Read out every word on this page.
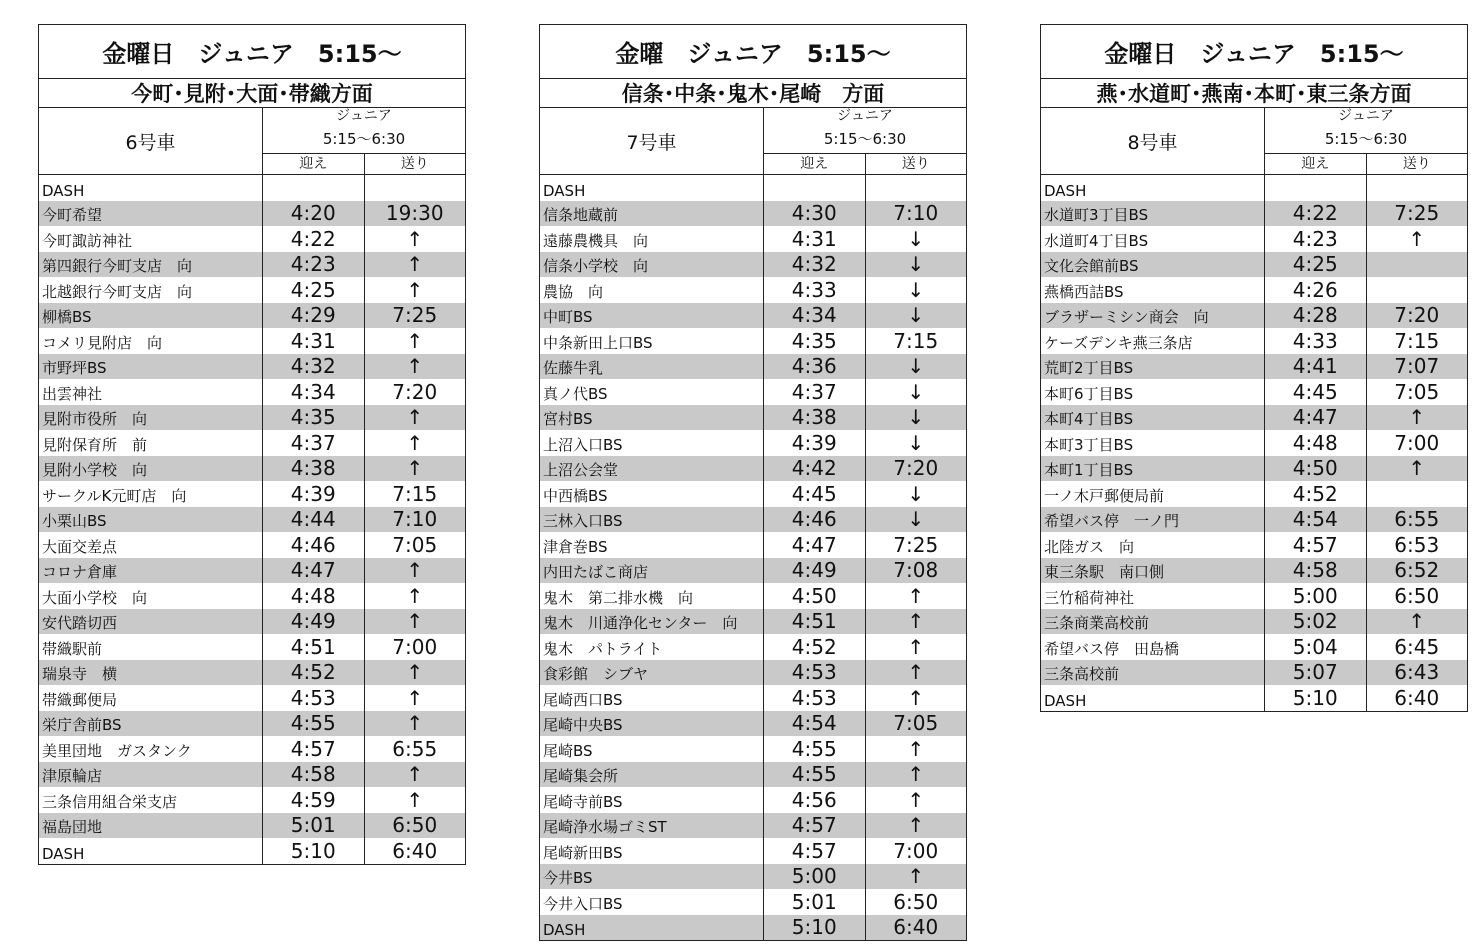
金曜日　ジュニア　5:15～
今町･見附･大面･帯織方面
6号車
ジュニア
5:15～6:30
迎え	送り
DASH
今町希望	4:20	19:30
今町諏訪神社	4:22	↑
第四銀行今町支店　向	4:23	↑
北越銀行今町支店　向	4:25	↑
柳橋BS	4:29	7:25
コメリ見附店　向	4:31	↑
市野坪BS	4:32	↑
出雲神社	4:34	7:20
見附市役所　向	4:35	↑
見附保育所　前	4:37	↑
見附小学校　向	4:38	↑
サークルK元町店　向	4:39	7:15
小栗山BS	4:44	7:10
大面交差点	4:46	7:05
コロナ倉庫	4:47	↑
大面小学校　向	4:48	↑
安代踏切西	4:49	↑
帯織駅前	4:51	7:00
瑞泉寺　横	4:52	↑
帯織郵便局	4:53	↑
栄庁舎前BS	4:55	↑
美里団地　ガスタンク	4:57	6:55
津原輪店	4:58	↑
三条信用組合栄支店	4:59	↑
福島団地	5:01	6:50
DASH	5:10	6:40
金曜　ジュニア　5:15～
信条･中条･鬼木･尾崎　方面
7号車
ジュニア
5:15～6:30
迎え	送り
DASH
信条地蔵前	4:30	7:10
遠藤農機具　向	4:31	↓
信条小学校　向	4:32	↓
農協　向	4:33	↓
中町BS	4:34	↓
中条新田上口BS	4:35	7:15
佐藤牛乳	4:36	↓
真ノ代BS	4:37	↓
宮村BS	4:38	↓
上沼入口BS	4:39	↓
上沼公会堂	4:42	7:20
中西橋BS	4:45	↓
三林入口BS	4:46	↓
津倉巻BS	4:47	7:25
内田たばこ商店	4:49	7:08
鬼木　第二排水機　向	4:50	↑
鬼木　川通浄化センター　向	4:51	↑
鬼木　パトライト	4:52	↑
食彩館　シブヤ	4:53	↑
尾崎西口BS	4:53	↑
尾崎中央BS	4:54	7:05
尾崎BS	4:55	↑
尾崎集会所	4:55	↑
尾崎寺前BS	4:56	↑
尾崎浄水場ゴミST	4:57	↑
尾崎新田BS	4:57	7:00
今井BS	5:00	↑
今井入口BS	5:01	6:50
DASH	5:10	6:40
金曜日　ジュニア　5:15～
燕･水道町･燕南･本町･東三条方面
8号車
ジュニア
5:15～6:30
迎え	送り
DASH
水道町3丁目BS	4:22	7:25
水道町4丁目BS	4:23	↑
文化会館前BS	4:25
燕橋西詰BS	4:26
ブラザーミシン商会　向	4:28	7:20
ケーズデンキ燕三条店	4:33	7:15
荒町2丁目BS	4:41	7:07
本町6丁目BS	4:45	7:05
本町4丁目BS	4:47	↑
本町3丁目BS	4:48	7:00
本町1丁目BS	4:50	↑
一ノ木戸郵便局前	4:52
希望バス停　一ノ門	4:54	6:55
北陸ガス　向	4:57	6:53
東三条駅　南口側	4:58	6:52
三竹稲荷神社	5:00	6:50
三条商業高校前	5:02	↑
希望バス停　田島橋	5:04	6:45
三条高校前	5:07	6:43
DASH	5:10	6:40
